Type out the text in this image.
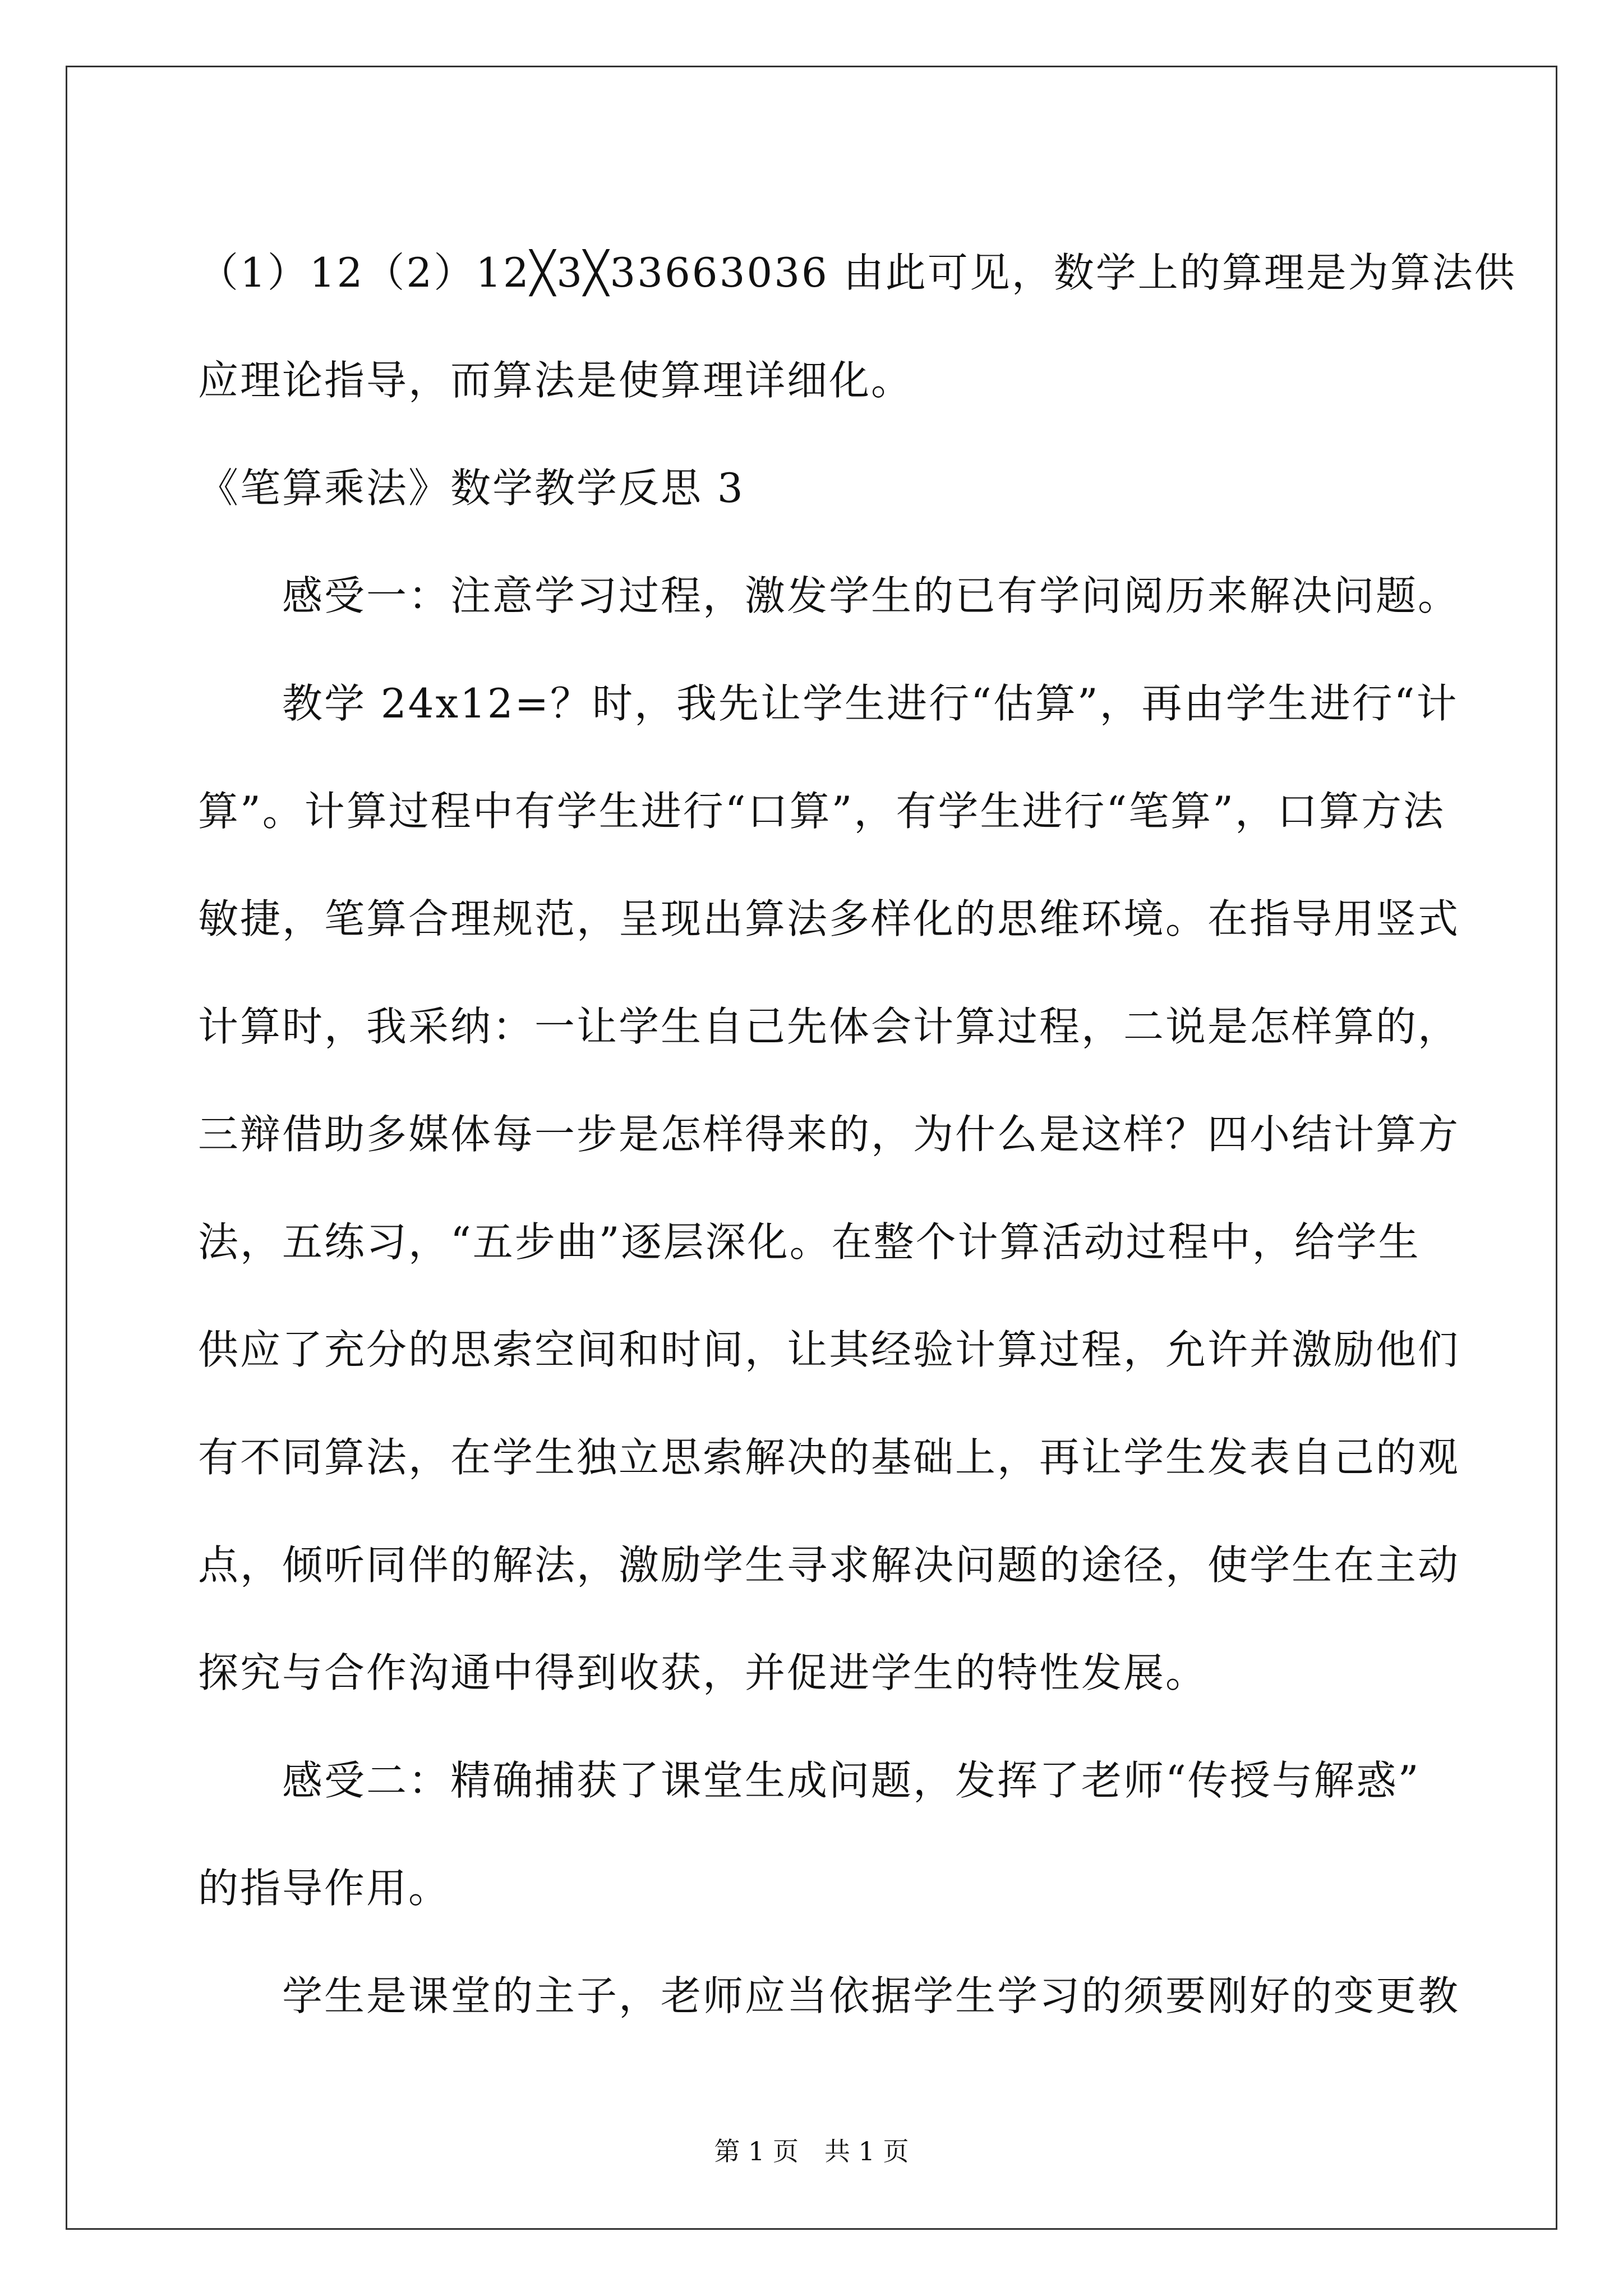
（1）12（2）12╳3╳33663036 由此可见，数学上的算理是为算法供
应理论指导，而算法是使算理详细化。
《笔算乘法》数学教学反思 3
感受一：注意学习过程，激发学生的已有学问阅历来解决问题。
教学 24x12=？时，我先让学生进行“估算”，再由学生进行“计
算”。计算过程中有学生进行“口算”，有学生进行“笔算”，口算方法
敏捷，笔算合理规范，呈现出算法多样化的思维环境。在指导用竖式
计算时，我采纳：一让学生自己先体会计算过程，二说是怎样算的，
三辩借助多媒体每一步是怎样得来的，为什么是这样？四小结计算方
法，五练习，“五步曲”逐层深化。在整个计算活动过程中，给学生
供应了充分的思索空间和时间，让其经验计算过程，允许并激励他们
有不同算法，在学生独立思索解决的基础上，再让学生发表自己的观
点，倾听同伴的解法，激励学生寻求解决问题的途径，使学生在主动
探究与合作沟通中得到收获，并促进学生的特性发展。
感受二：精确捕获了课堂生成问题，发挥了老师“传授与解惑”
的指导作用。
学生是课堂的主子，老师应当依据学生学习的须要刚好的变更教
第 1 页　共 1 页
